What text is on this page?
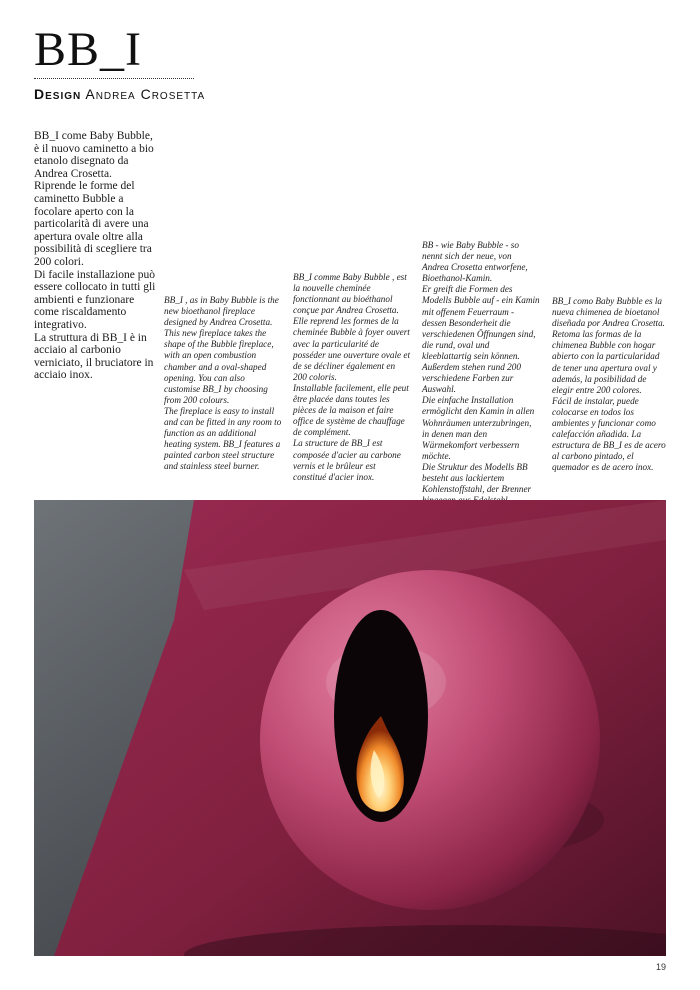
BB_I
Design Andrea Crosetta

BB_I come Baby Bubble, è il nuovo caminetto a bio etanolo disegnato da Andrea Crosetta. Riprende le forme del caminetto Bubble a focolare aperto con la particolarità di avere una apertura ovale oltre alla possibilità di scegliere tra 200 colori.

Di facile installazione può essere collocato in tutti gli ambienti e funzionare come riscaldamento integrativo.

La struttura di BB_I è in acciaio al carbonio verniciato, il bruciatore in acciaio inox.

BB_I , as in Baby Bubble is the new bioethanol fireplace designed by Andrea Crosetta. This new fireplace takes the shape of the Bubble fireplace, with an open combustion chamber and a oval-shaped opening. You can also customise BB_I by choosing from 200 colours.

The fireplace is easy to install and can be fitted in any room to function as an additional heating system. BB_I features a painted carbon steel structure and stainless steel burner.

BB_I comme Baby Bubble , est la nouvelle cheminée fonctionnant au bioéthanol conçue par Andrea Crosetta. Elle reprend les formes de la cheminée Bubble à foyer ouvert avec la particularité de posséder une ouverture ovale et de se décliner également en 200 coloris.

Installable facilement, elle peut être placée dans toutes les pièces de la maison et faire office de système de chauffage de complément.

La structure de BB_I est composée d'acier au carbone vernis et le brûleur est constitué d'acier inox.

BB - wie Baby Bubble - so nennt sich der neue, von Andrea Crosetta entworfene, Bioethanol-Kamin.

Er greift die Formen des Modells Bubble auf - ein Kamin mit offenem Feuerraum - dessen Besonderheit die verschiedenen Öffnungen sind, die rund, oval und kleeblattartig sein können. Außerdem stehen rund 200 verschiedene Farben zur Auswahl.

Die einfache Installation ermöglicht den Kamin in allen Wohnräumen unterzubringen, in denen man den Wärmekomfort verbessern möchte.

Die Struktur des Modells BB besteht aus lackiertem Kohlenstoffstahl, der Brenner

BB_I como Baby Bubble es la nueva chimenea de bioetanol diseñada por Andrea Crosetta.

Retoma las formas de la chimenea Bubble con hogar abierto con la particularidad de tener una apertura oval y además, la posibilidad de elegir entre 200 colores.

Fácil de instalar, puede colocarse en todos los ambientes y funcionar como calefacción añadida. La estructura de BB_I es de acero al carbono pintado, el quemador es de acero inox.

19
